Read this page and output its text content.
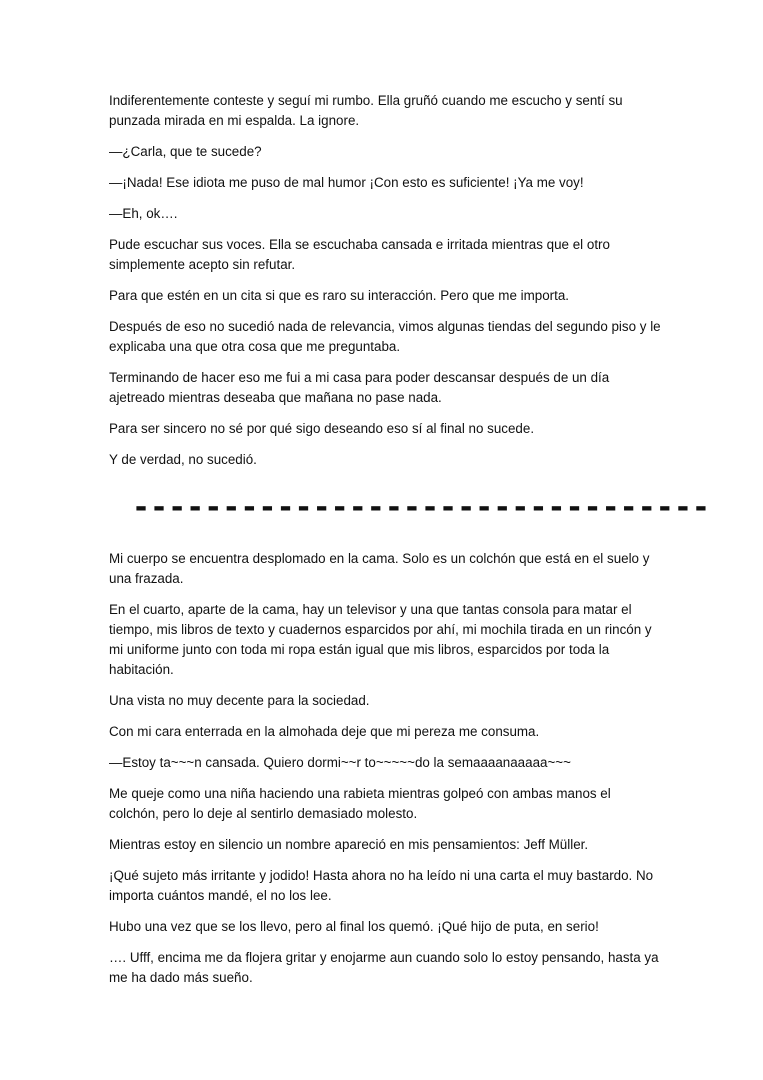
Indiferentemente conteste y seguí mi rumbo. Ella gruñó cuando me escucho y sentí su punzada mirada en mi espalda. La ignore.

—¿Carla, que te sucede?

—¡Nada! Ese idiota me puso de mal humor ¡Con esto es suficiente! ¡Ya me voy!

—Eh, ok….

Pude escuchar sus voces. Ella se escuchaba cansada e irritada mientras que el otro simplemente acepto sin refutar.

Para que estén en un cita si que es raro su interacción. Pero que me importa.

Después de eso no sucedió nada de relevancia, vimos algunas tiendas del segundo piso y le explicaba una que otra cosa que me preguntaba.

Terminando de hacer eso me fui a mi casa para poder descansar después de un día ajetreado mientras deseaba que mañana no pase nada.

Para ser sincero no sé por qué sigo deseando eso sí al final no sucede.

Y de verdad, no sucedió.

--------------------------------

Mi cuerpo se encuentra desplomado en la cama. Solo es un colchón que está en el suelo y una frazada.

En el cuarto, aparte de la cama, hay un televisor y una que tantas consola para matar el tiempo, mis libros de texto y cuadernos esparcidos por ahí, mi mochila tirada en un rincón y mi uniforme junto con toda mi ropa están igual que mis libros, esparcidos por toda la habitación.

Una vista no muy decente para la sociedad.

Con mi cara enterrada en la almohada deje que mi pereza me consuma.

—Estoy ta~~~n cansada. Quiero dormi~~r to~~~~~do la semaaaanaaaaa~~~

Me queje como una niña haciendo una rabieta mientras golpeó con ambas manos el colchón, pero lo deje al sentirlo demasiado molesto.

Mientras estoy en silencio un nombre apareció en mis pensamientos: Jeff Müller.

¡Qué sujeto más irritante y jodido! Hasta ahora no ha leído ni una carta el muy bastardo. No importa cuántos mandé, el no los lee.

Hubo una vez que se los llevo, pero al final los quemó. ¡Qué hijo de puta, en serio!

…. Ufff, encima me da flojera gritar y enojarme aun cuando solo lo estoy pensando, hasta ya me ha dado más sueño.
